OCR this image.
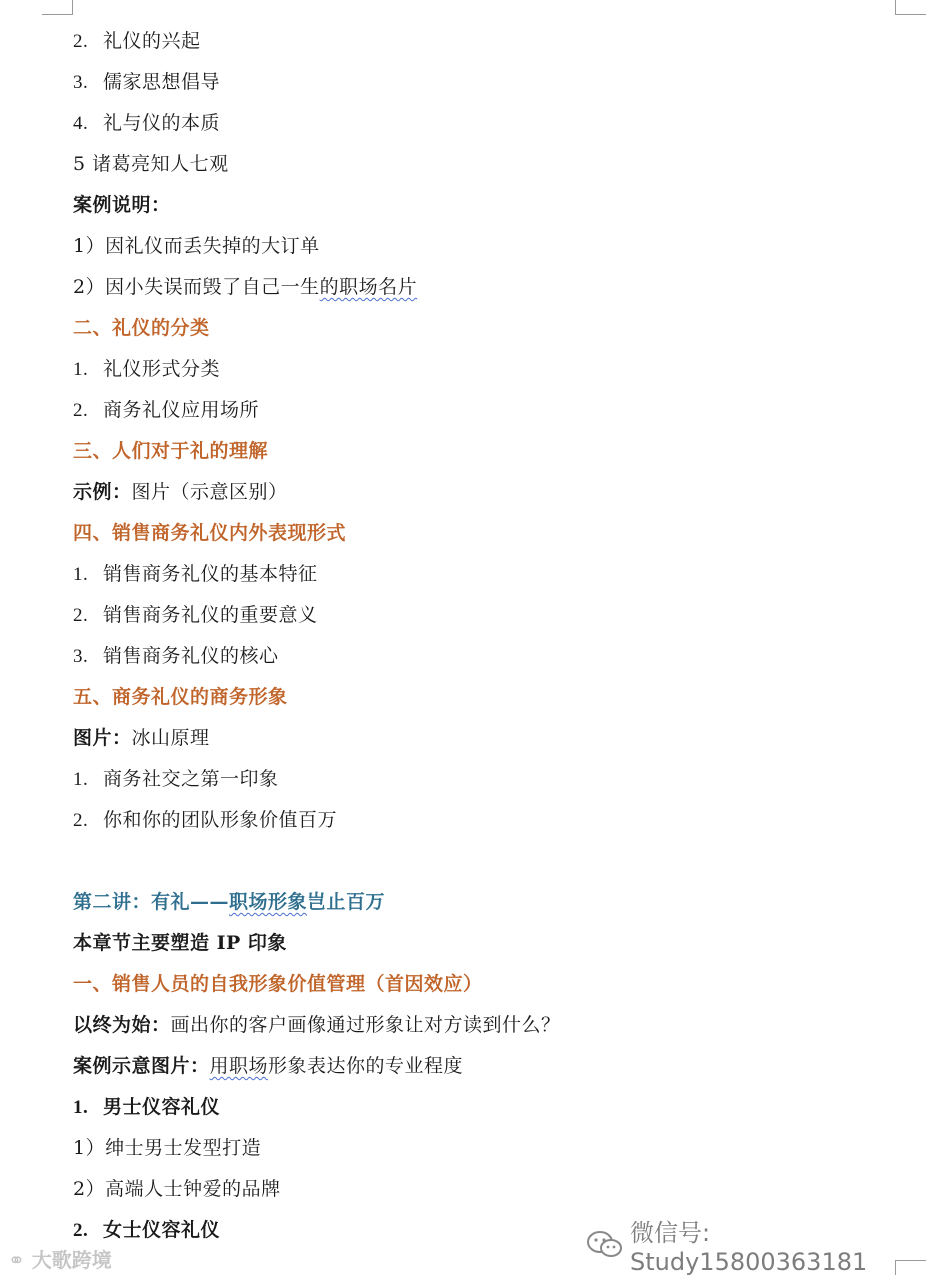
2. 礼仪的兴起
3. 儒家思想倡导
4. 礼与仪的本质
5 诸葛亮知人七观
案例说明：
1）因礼仪而丢失掉的大订单
2）因小失误而毁了自己一生的职场名片
二、礼仪的分类
1. 礼仪形式分类
2. 商务礼仪应用场所
三、人们对于礼的理解
示例：图片（示意区别）
四、销售商务礼仪内外表现形式
1. 销售商务礼仪的基本特征
2. 销售商务礼仪的重要意义
3. 销售商务礼仪的核心
五、商务礼仪的商务形象
图片：冰山原理
1. 商务社交之第一印象
2. 你和你的团队形象价值百万
第二讲：有礼——职场形象岂止百万
本章节主要塑造 IP 印象
一、销售人员的自我形象价值管理（首因效应）
以终为始：画出你的客户画像通过形象让对方读到什么？
案例示意图片：用职场形象表达你的专业程度
1. 男士仪容礼仪
1）绅士男士发型打造
2）高端人士钟爱的品牌
2. 女士仪容礼仪
⚭ 大歌跨境
微信号: Study15800363181
